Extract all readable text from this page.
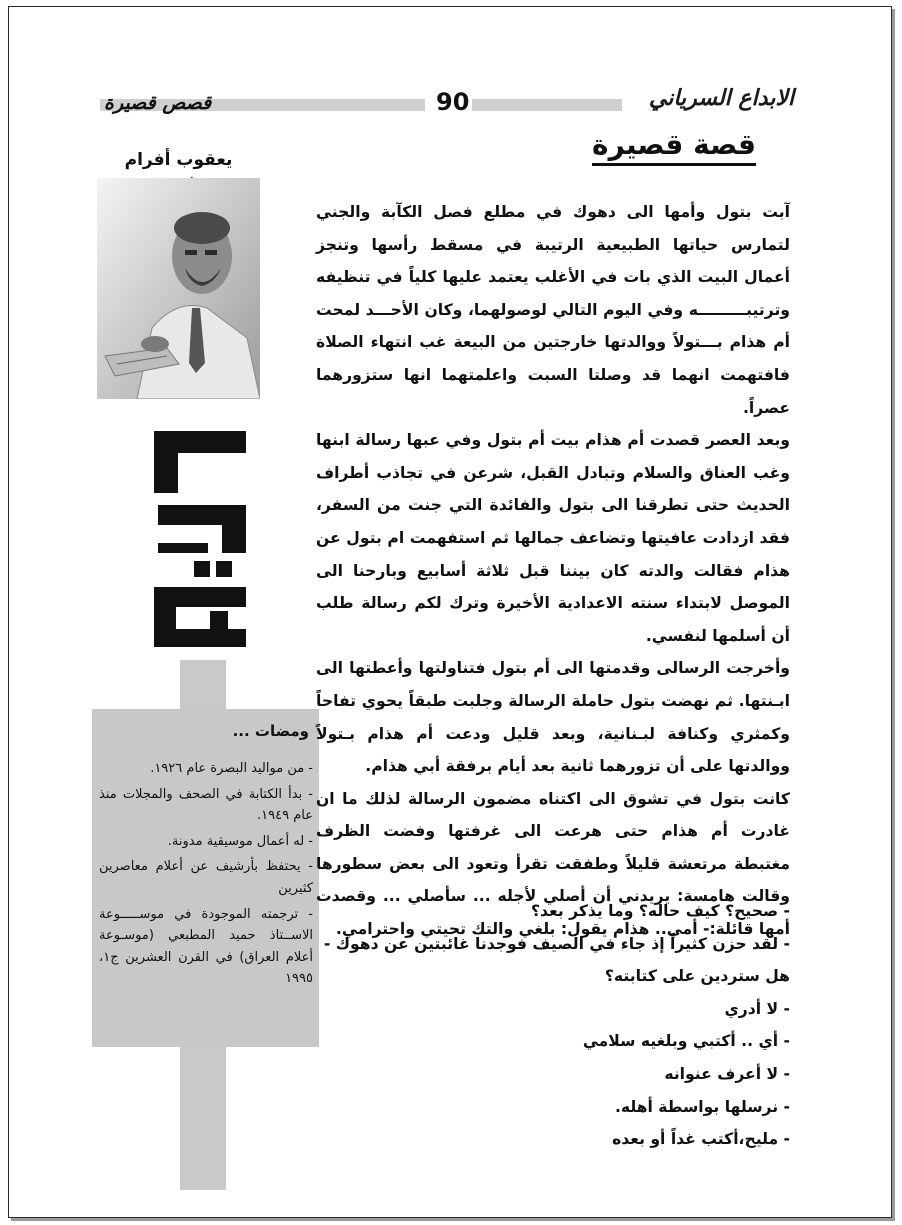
قصص قصيرة	90	الابداع السرياني
قصة قصيرة
يعقوب أفرام
ومضات ...

- من مواليد البصرة عام ١٩٢٦.

- بدأ الكتابة في الصحف والمجلات منذ عام ١٩٤٩.

- له أعمال موسيقية مدونة.

- يحتفظ بأرشيف عن أعلام معاصرين كثيرين

- ترجمته الموجودة في موســـــوعة الاســتاذ حميد المطبعي (موسـوعة أعلام العراق) في القرن العشرين ج١، ١٩٩٥

آبت بتول وأمها الى دهوك في مطلع فصل الكآبة والجني لتمارس حياتها الطبيعية الرتيبة في مسقط رأسها وتنجز أعمال البيت الذي بات في الأغلب يعتمد عليها كلياً في تنظيفه وترتيبـــــــــه وفي اليوم التالي لوصولهما، وكان الأحـــد لمحت أم هذام بـــتولاً ووالدتها خارجتين من البيعة غب انتهاء الصلاة فافتهمت انهما قد وصلتا السبت واعلمتهما انها ستزورهما عصراً.

وبعد العصر قصدت أم هذام بيت أم بتول وفي عبها رسالة ابنها وغب العناق والسلام وتبادل القبل، شرعن في تجاذب أطراف الحديث حتى تطرقنا الى بتول والفائدة التي جنت من السفر، فقد ازدادت عافيتها وتضاعف جمالها ثم استفهمت ام بتول عن هذام فقالت والدته كان بيننا قبل ثلاثة أسابيع وبارحنا الى الموصل لابتداء سنته الاعدادية الأخيرة وترك لكم رسالة طلب أن أسلمها لنفسي.

وأخرجت الرسالى وقدمتها الى أم بتول فتناولتها وأعطتها الى ابـنتها. ثم نهضت بتول حاملة الرسالة وجلبت طبقاً يحوي تفاحاً وكمثري وكنافة لبـنانية، وبعد قليل ودعت أم هذام بـتولاً ووالدتها على أن تزورهما ثانية بعد أيام برفقة أبي هذام.

كانت بتول في تشوق الى اكتناه مضمون الرسالة لذلك ما ان غادرت أم هذام حتى هرعت الى غرفتها وفضت الظرف مغتبطة مرتعشة قليلاً وطفقت تقرأ وتعود الى بعض سطورها وقالت هامسة: يريدني أن أصلي لأجله ... سأصلي ... وقصدت أمها قائلة:- أمي.. هذام يقول: بلغي والتك تحيتي واحترامي.

- صحيح؟ كيف حاله؟ وما يذكر بعد؟

- لقد حزن كثيراً إذ جاء في الصيف فوجدنا غائبتين عن دهوك - هل ستردين على كتابته؟

- لا أدري

- أي .. أكتبي وبلغيه سلامي

- لا أعرف عنوانه

- نرسلها بواسطة أهله.

- مليح،أكتب غداً أو بعده
